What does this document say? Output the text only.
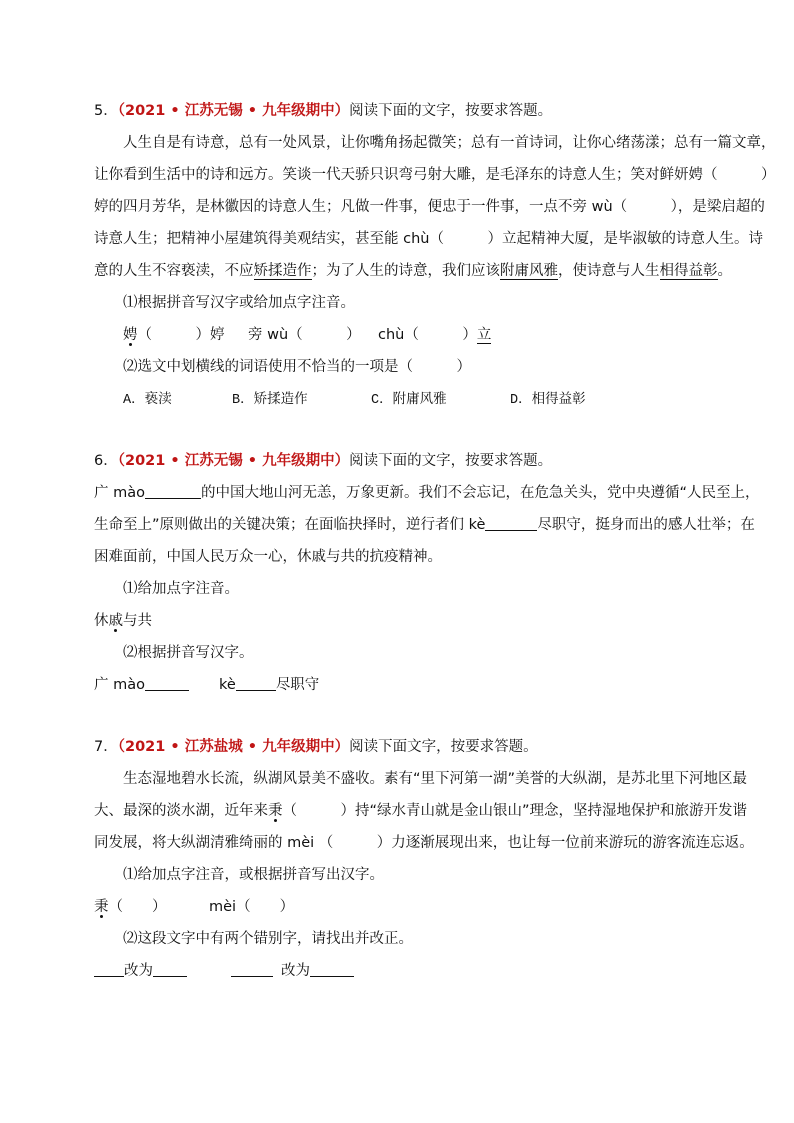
5．（2021 • 江苏无锡 • 九年级期中）阅读下面的文字，按要求答题。
人生自是有诗意，总有一处风景，让你嘴角扬起微笑；总有一首诗词，让你心绪荡漾；总有一篇文章，
让你看到生活中的诗和远方。笑谈一代天骄只识弯弓射大雕，是毛泽东的诗意人生；笑对鲜妍娉（　　　）
婷的四月芳华，是林徽因的诗意人生；凡做一件事，便忠于一件事，一点不旁 wù（　　　），是梁启超的
诗意人生；把精神小屋建筑得美观结实，甚至能 chù（　　　）立起精神大厦，是毕淑敏的诗意人生。诗
意的人生不容亵渎，不应矫揉造作；为了人生的诗意，我们应该附庸风雅，使诗意与人生相得益彰。
⑴根据拼音写汉字或给加点字注音。
娉（　　　）婷 旁 wù（　　　） chù（　　　）立
⑵选文中划横线的词语使用不恰当的一项是（　　　）
A．亵渎	B．矫揉造作	C．附庸风雅	D．相得益彰
6．（2021 • 江苏无锡 • 九年级期中）阅读下面的文字，按要求答题。
广 mào	的中国大地山河无恙，万象更新。我们不会忘记，在危急关头，党中央遵循“人民至上，
生命至上”原则做出的关键决策；在面临抉择时，逆行者们 kè	尽职守，挺身而出的感人壮举；在
困难面前，中国人民万众一心，休戚与共的抗疫精神。
⑴给加点字注音。
休戚与共
⑵根据拼音写汉字。
广 mào	kè	尽职守
7．（2021 • 江苏盐城 • 九年级期中）阅读下面文字，按要求答题。
生态湿地碧水长流，纵湖风景美不盛收。素有“里下河第一湖”美誉的大纵湖，是苏北里下河地区最
大、最深的淡水湖，近年来秉（　　　）持“绿水青山就是金山银山”理念，坚持湿地保护和旅游开发谐
同发展，将大纵湖清雅绮丽的 mèi （　　　）力逐渐展现出来，也让每一位前来游玩的游客流连忘返。
⑴给加点字注音，或根据拼音写出汉字。
秉（　　）	mèi（　　）
⑵这段文字中有两个错别字，请找出并改正。
改为	改为
